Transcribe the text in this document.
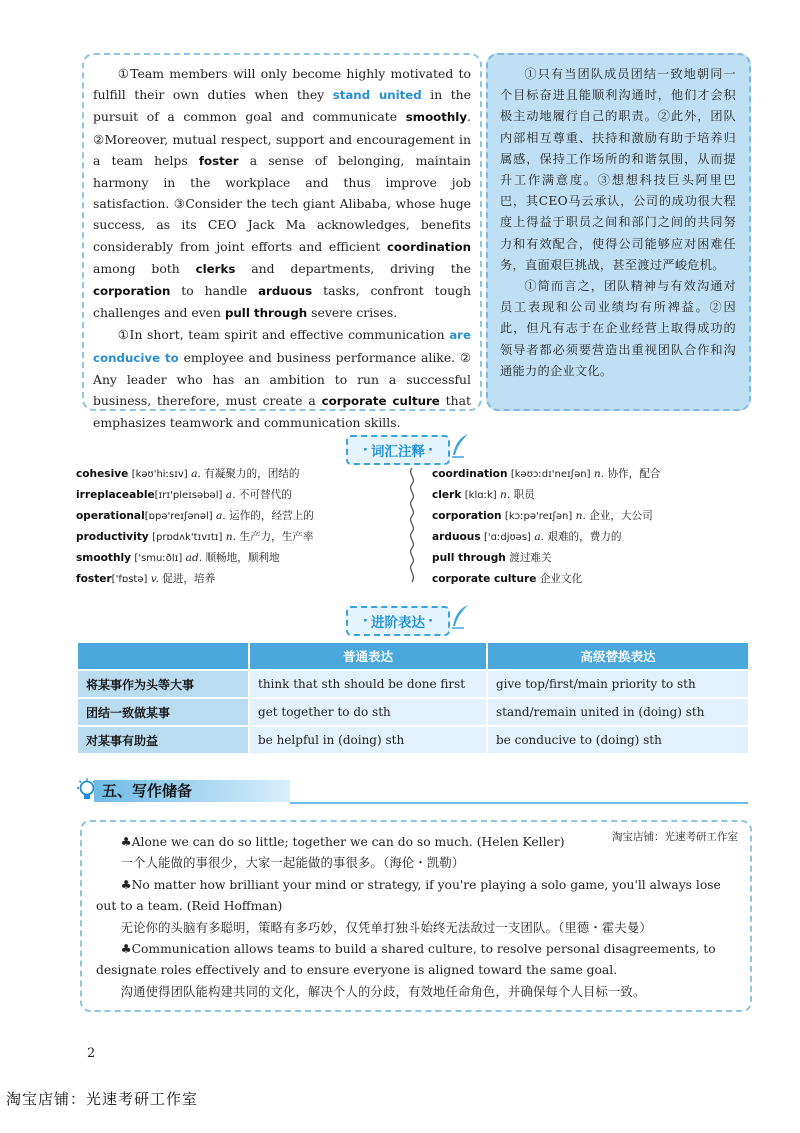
①Team members will only become highly motivated to fulfill their own duties when they stand united in the pursuit of a common goal and communicate smoothly. ②Moreover, mutual respect, support and encouragement in a team helps foster a sense of belonging, maintain harmony in the workplace and thus improve job satisfaction. ③Consider the tech giant Alibaba, whose huge success, as its CEO Jack Ma acknowledges, benefits considerably from joint efforts and efficient coordination among both clerks and departments, driving the corporation to handle arduous tasks, confront tough challenges and even pull through severe crises.

①In short, team spirit and effective communication are conducive to employee and business performance alike. ② Any leader who has an ambition to run a successful business, therefore, must create a corporate culture that emphasizes teamwork and communication skills.

①只有当团队成员团结一致地朝同一个目标奋进且能顺利沟通时，他们才会积极主动地履行自己的职责。②此外，团队内部相互尊重、扶持和激励有助于培养归属感，保持工作场所的和谐氛围，从而提升工作满意度。③想想科技巨头阿里巴巴，其CEO马云承认，公司的成功很大程度上得益于职员之间和部门之间的共同努力和有效配合，使得公司能够应对困难任务，直面艰巨挑战，甚至渡过严峻危机。

①简而言之，团队精神与有效沟通对员工表现和公司业绩均有所裨益。②因此，但凡有志于在企业经营上取得成功的领导者都必须要营造出重视团队合作和沟通能力的企业文化。

· 词汇注释 ·
cohesive [kəʊ'hiːsɪv] a. 有凝聚力的，团结的
irreplaceable[ɪrɪ'pleɪsəbəl] a. 不可替代的
operational[ɒpə'reɪʃənəl] a. 运作的，经营上的
productivity [prɒdʌk'tɪvɪtɪ] n. 生产力，生产率
smoothly ['smuːðlɪ] ad. 顺畅地，顺利地
foster['fɒstə] v. 促进，培养
coordination [kəʊɔːdɪ'neɪʃən] n. 协作，配合
clerk [klɑːk] n. 职员
corporation [kɔːpə'reɪʃən] n. 企业，大公司
arduous ['ɑːdjʊəs] a. 艰难的，费力的
pull through 渡过难关
corporate culture 企业文化
· 进阶表达 ·
	普通表达	高级替换表达
将某事作为头等大事	think that sth should be done first	give top/first/main priority to sth
团结一致做某事	get together to do sth	stand/remain united in (doing) sth
对某事有助益	be helpful in (doing) sth	be conducive to (doing) sth
五、写作储备
淘宝店铺：光速考研工作室

♣Alone we can do so little; together we can do so much. (Helen Keller)

一个人能做的事很少，大家一起能做的事很多。（海伦・凯勒）

♣No matter how brilliant your mind or strategy, if you're playing a solo game, you'll always lose out to a team. (Reid Hoffman)

无论你的头脑有多聪明，策略有多巧妙，仅凭单打独斗始终无法敌过一支团队。（里德・霍夫曼）

♣Communication allows teams to build a shared culture, to resolve personal disagreements, to designate roles effectively and to ensure everyone is aligned toward the same goal.

沟通使得团队能构建共同的文化，解决个人的分歧，有效地任命角色，并确保每个人目标一致。

2
淘宝店铺：光速考研工作室
